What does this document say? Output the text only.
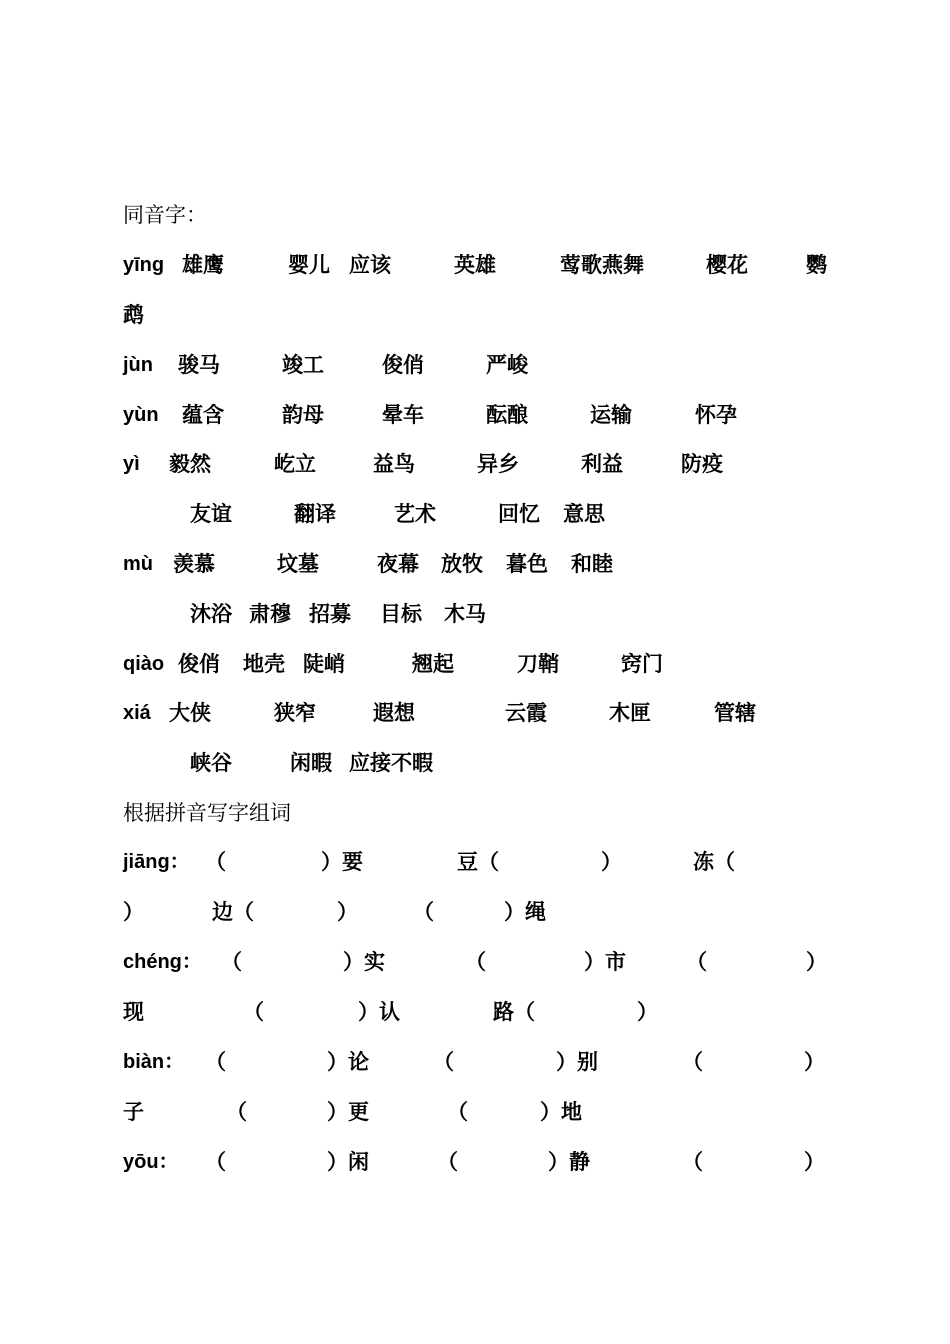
同音字：
yīng 雄鹰	婴儿 应该	英雄	莺歌燕舞	樱花	鹦
鹉
jùn 骏马	竣工	俊俏	严峻
yùn 蕴含	韵母	晕车	酝酿	运输	怀孕
yì 毅然	屹立	益鸟	异乡	利益	防疫
友谊	翻译	艺术	回忆 意思
mù 羡慕	坟墓	夜幕 放牧 暮色 和睦
沐浴 肃穆 招募 目标 木马
qiào 俊俏 地壳 陡峭	翘起	刀鞘	窍门
xiá 大侠	狭窄	遐想	云霞	木匣	管辖
峡谷	闲暇 应接不暇
根据拼音写字组词
jiāng： （	）要	豆（	）	冻（
）	边（	）	（	）绳
chéng： （	）实	（	）市	（	）
现	（	）认	路（	）
biàn： （	）论	（	）别	（	）
子	（	）更	（	）地
yōu： （	）闲	（	）静	（	）
